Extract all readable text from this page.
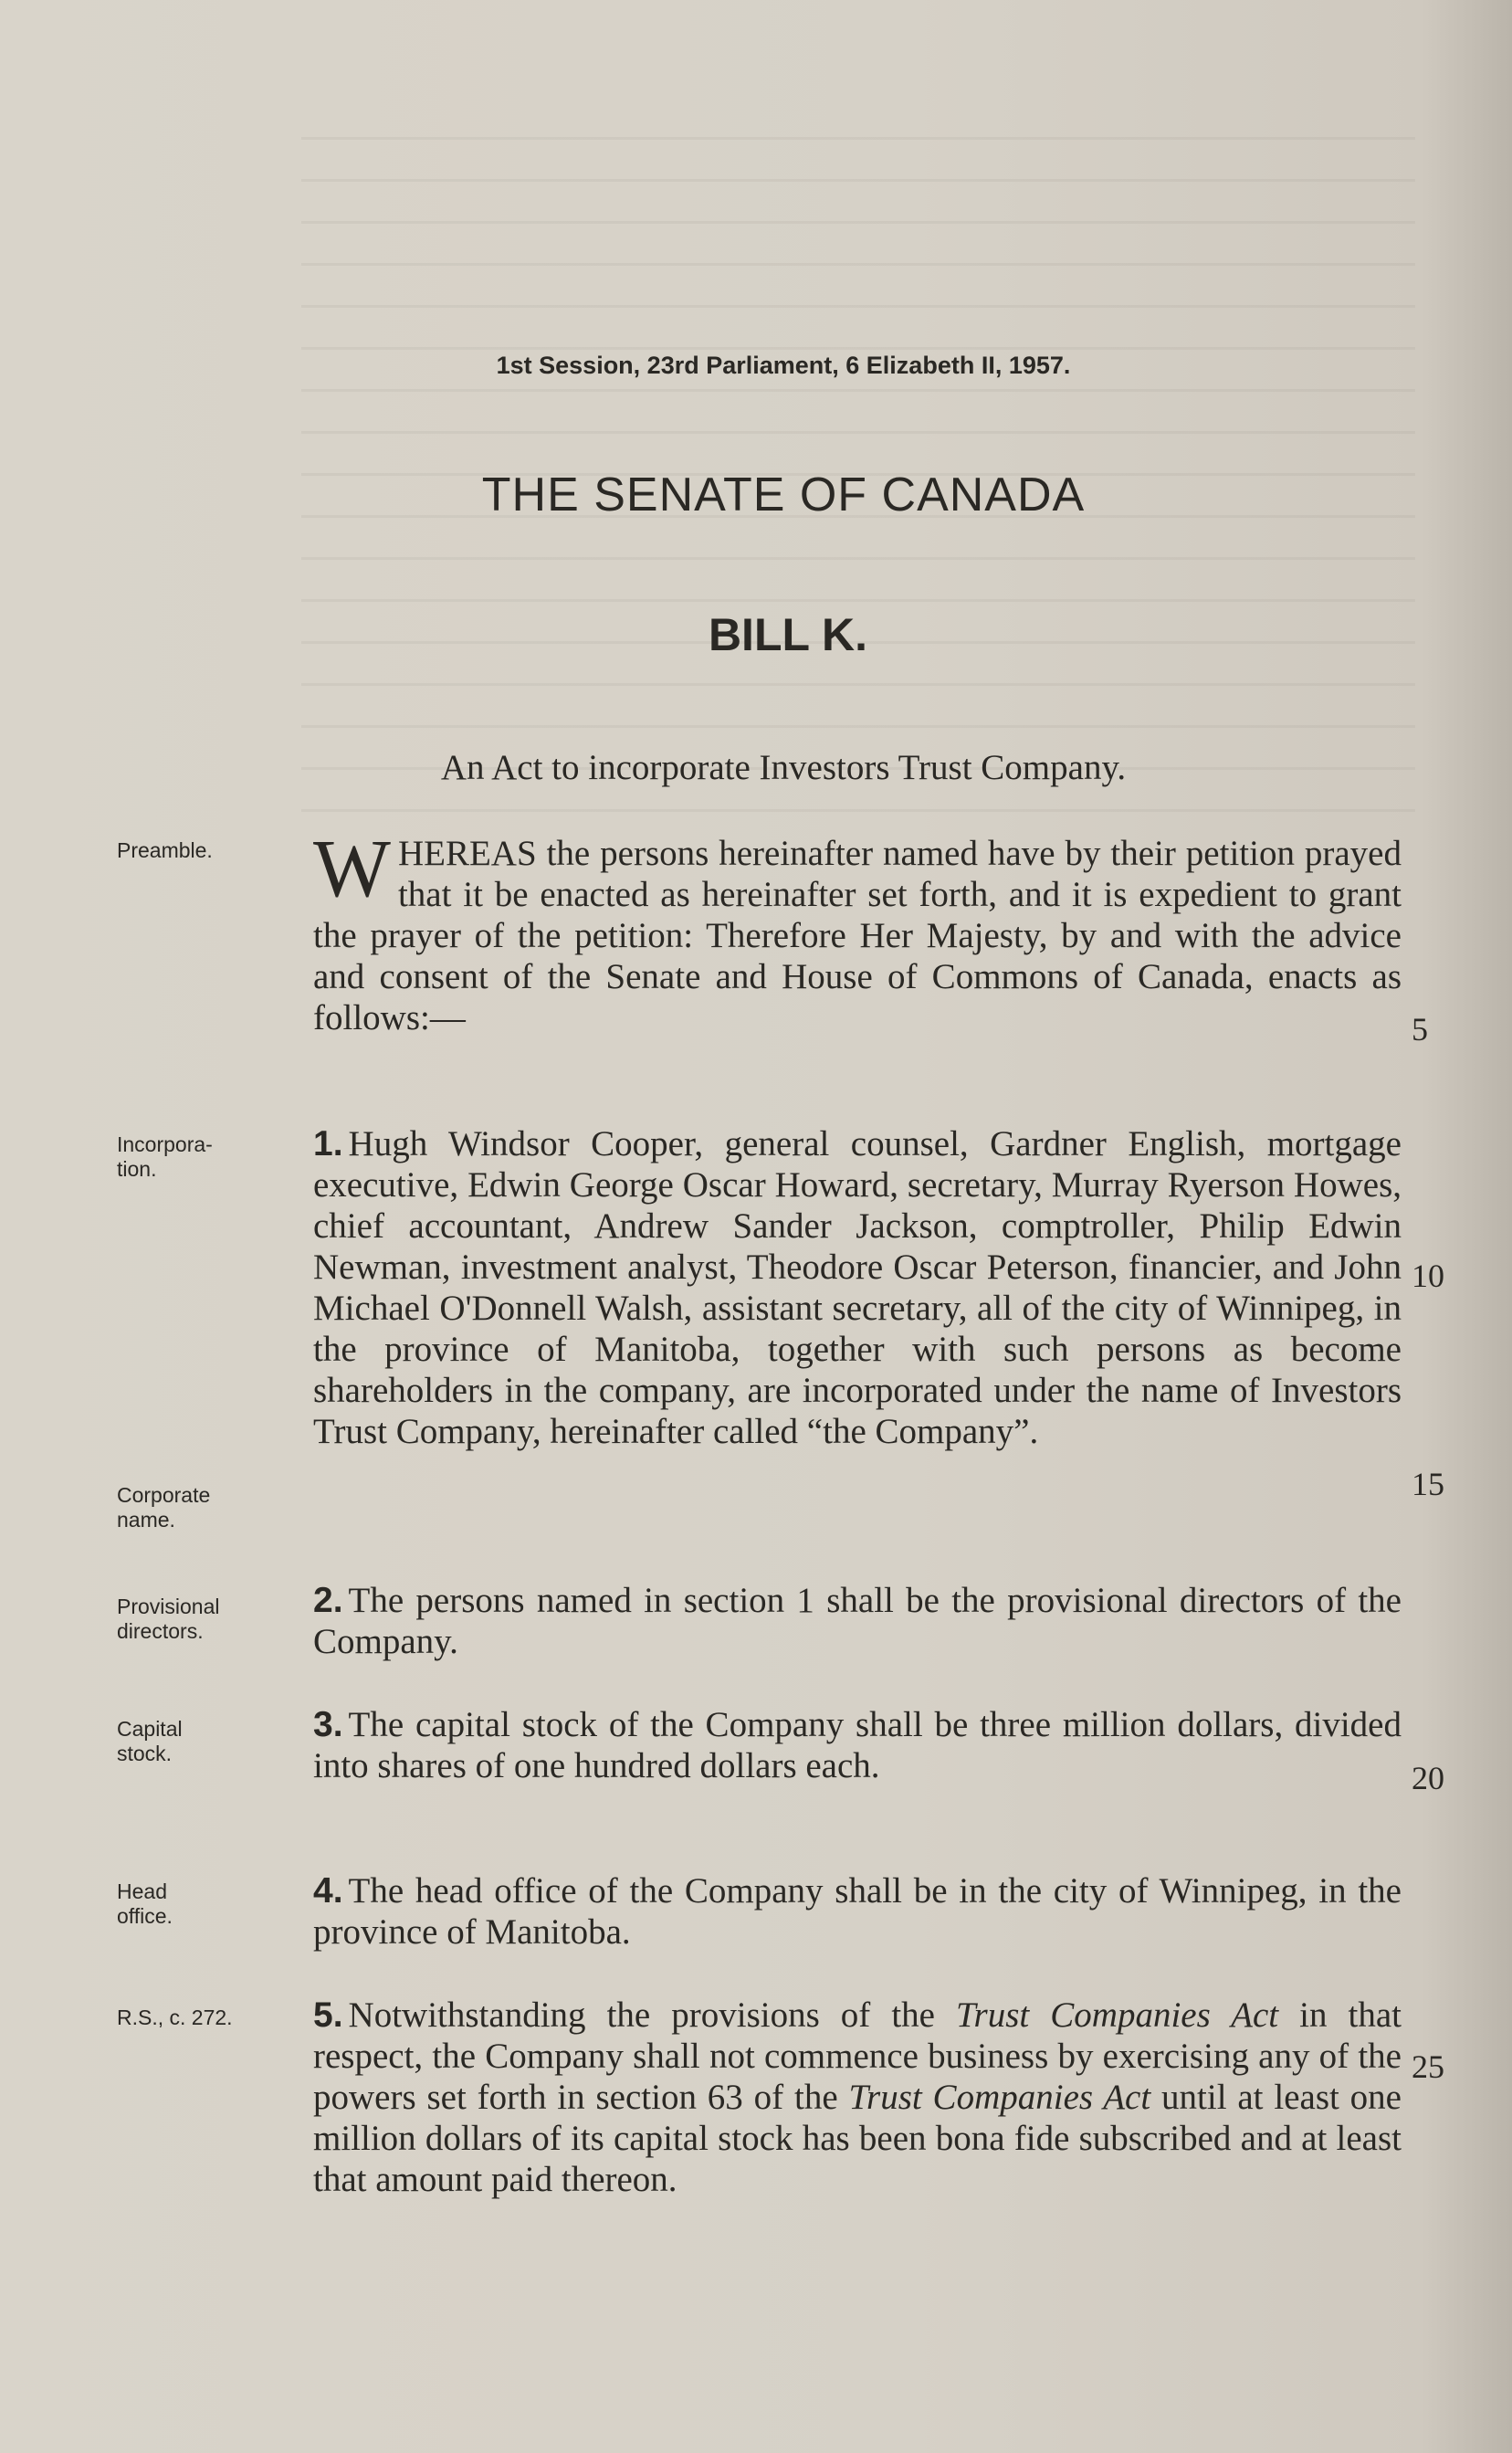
1st Session, 23rd Parliament, 6 Elizabeth II, 1957.
THE SENATE OF CANADA
BILL K.
An Act to incorporate Investors Trust Company.
Preamble.	WHEREAS the persons hereinafter named have by their petition prayed that it be enacted as hereinafter set forth, and it is expedient to grant the prayer of the petition: Therefore Her Majesty, by and with the advice and consent of the Senate and House of Commons of Canada, enacts as follows:—	5
Incorpora-
tion.
1. Hugh Windsor Cooper, general counsel, Gardner English, mortgage executive, Edwin George Oscar Howard, secretary, Murray Ryerson Howes, chief accountant, Andrew Sander Jackson, comptroller, Philip Edwin Newman, investment analyst, Theodore Oscar Peterson, financier, and John Michael O'Donnell Walsh, assistant secretary, all of the city of Winnipeg, in the province of Manitoba, together with such persons as become shareholders in the company, are incorporated under the name of Investors Trust Company, hereinafter called “the Company”.
10
Corporate
name.
15
Provisional
directors.
2. The persons named in section 1 shall be the provisional directors of the Company.
Capital
stock.
3. The capital stock of the Company shall be three million dollars, divided into shares of one hundred dollars each.	20
Head
office.
4. The head office of the Company shall be in the city of Winnipeg, in the province of Manitoba.
R.S., c. 272.	5. Notwithstanding the provisions of the Trust Companies Act in that respect, the Company shall not commence business by exercising any of the powers set forth in section 63 of the Trust Companies Act until at least one million dollars of its capital stock has been bona fide subscribed and at least that amount paid thereon.
25
